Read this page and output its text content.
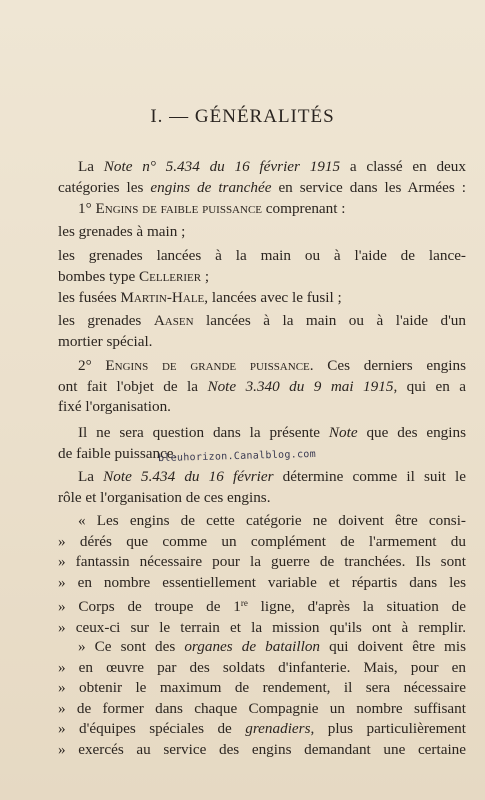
I. — GÉNÉRALITÉS
La Note n° 5.434 du 16 février 1915 a classé en deux
catégories les engins de tranchée en service dans les Armées :
1° Engins de faible puissance comprenant :
les grenades à main ;
les grenades lancées à la main ou à l'aide de lance-
bombes type Cellerier ;
les fusées Martin-Hale, lancées avec le fusil ;
les grenades Aasen lancées à la main ou à l'aide d'un
mortier spécial.
2° Engins de grande puissance. Ces derniers engins
ont fait l'objet de la Note 3.340 du 9 mai 1915, qui en a
fixé l'organisation.
Il ne sera question dans la présente Note que des engins
de faible puissance.
La Note 5.434 du 16 février détermine comme il suit le
rôle et l'organisation de ces engins.
« Les engins de cette catégorie ne doivent être consi-
» dérés que comme un complément de l'armement du
» fantassin nécessaire pour la guerre de tranchées. Ils sont
» en nombre essentiellement variable et répartis dans les
» Corps de troupe de 1re ligne, d'après la situation de
» ceux-ci sur le terrain et la mission qu'ils ont à remplir.
» Ce sont des organes de bataillon qui doivent être mis
» en œuvre par des soldats d'infanterie. Mais, pour en
» obtenir le maximum de rendement, il sera nécessaire
» de former dans chaque Compagnie un nombre suffisant
» d'équipes spéciales de grenadiers, plus particulièrement
» exercés au service des engins demandant une certaine
bleuhorizon.Canalblog.com
